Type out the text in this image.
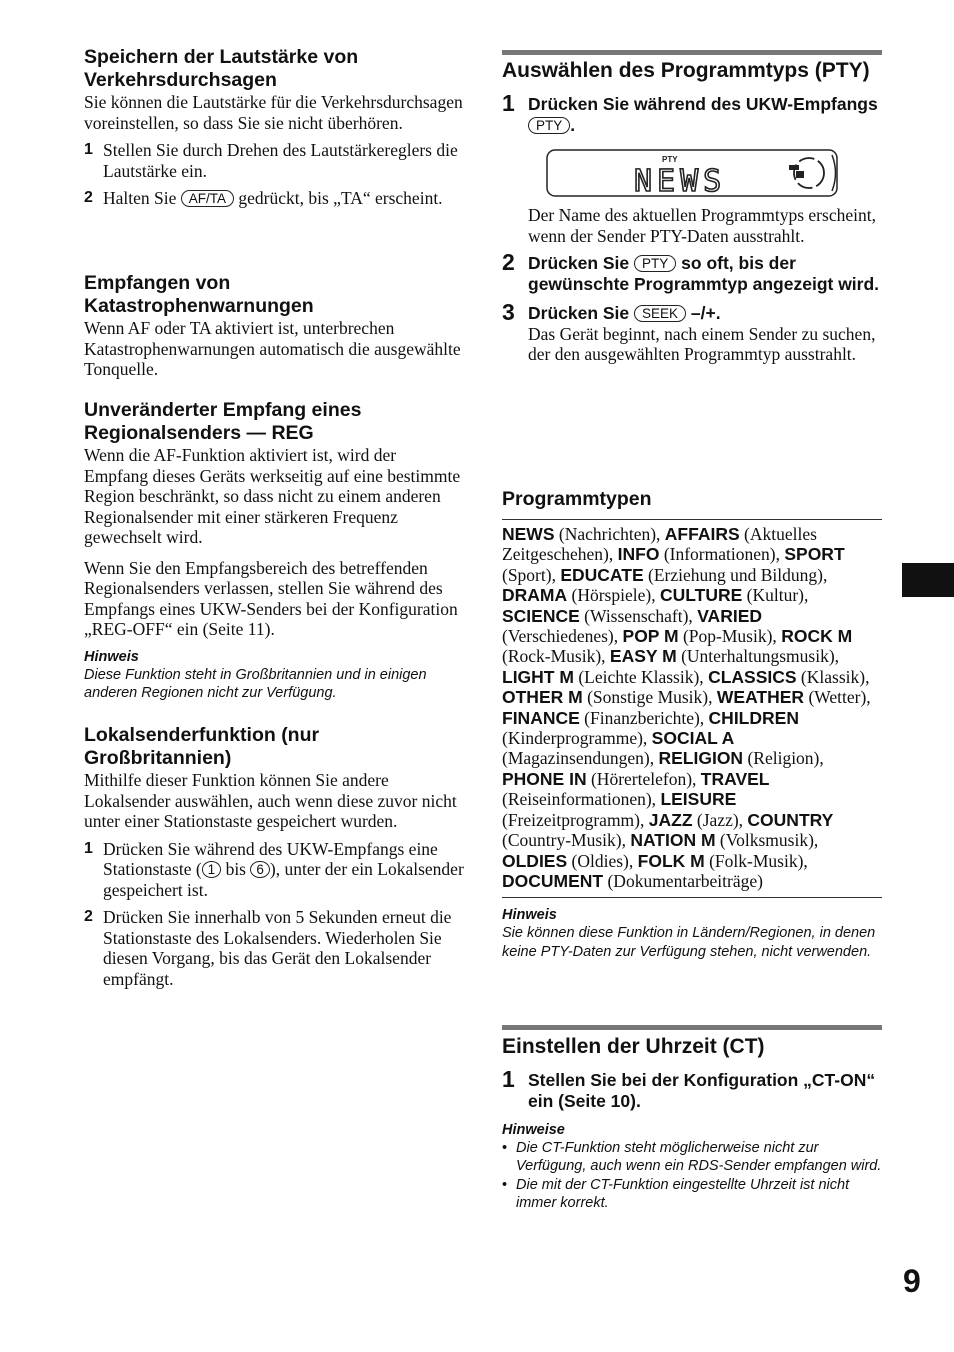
Speichern der Lautstärke von Verkehrsdurchsagen

Sie können die Lautstärke für die Verkehrsdurchsagen voreinstellen, so dass Sie sie nicht überhören.

1 Stellen Sie durch Drehen des Lautstärkereglers die Lautstärke ein.
2 Halten Sie AF/TA gedrückt, bis „TA“ erscheint.
Empfangen von Katastrophenwarnungen

Wenn AF oder TA aktiviert ist, unterbrechen Katastrophenwarnungen automatisch die ausgewählte Tonquelle.

Unveränderter Empfang eines Regionalsenders — REG

Wenn die AF-Funktion aktiviert ist, wird der Empfang dieses Geräts werkseitig auf eine bestimmte Region beschränkt, so dass nicht zu einem anderen Regionalsender mit einer stärkeren Frequenz gewechselt wird.

Wenn Sie den Empfangsbereich des betreffenden Regionalsenders verlassen, stellen Sie während des Empfangs eines UKW-Senders bei der Konfiguration „REG-OFF“ ein (Seite 11).

Hinweis
Diese Funktion steht in Großbritannien und in einigen anderen Regionen nicht zur Verfügung.
Lokalsenderfunktion (nur Großbritannien)

Mithilfe dieser Funktion können Sie andere Lokalsender auswählen, auch wenn diese zuvor nicht unter einer Stationstaste gespeichert wurden.

1 Drücken Sie während des UKW-Empfangs eine Stationstaste ( 1 bis 6 ), unter der ein Lokalsender gespeichert ist.
2 Drücken Sie innerhalb von 5 Sekunden erneut die Stationstaste des Lokalsenders. Wiederholen Sie diesen Vorgang, bis das Gerät den Lokalsender empfängt.
Auswählen des Programmtyps (PTY)
1 Drücken Sie während des UKW-Empfangs PTY .
PTY
NEWS
Der Name des aktuellen Programmtyps erscheint, wenn der Sender PTY-Daten ausstrahlt.
2 Drücken Sie PTY so oft, bis der gewünschte Programmtyp angezeigt wird.
3 Drücken Sie SEEK –/+.
Das Gerät beginnt, nach einem Sender zu suchen, der den ausgewählten Programmtyp ausstrahlt.
Programmtypen
NEWS (Nachrichten), AFFAIRS (Aktuelles Zeitgeschehen), INFO (Informationen), SPORT (Sport), EDUCATE (Erziehung und Bildung), DRAMA (Hörspiele), CULTURE (Kultur), SCIENCE (Wissenschaft), VARIED (Verschiedenes), POP M (Pop-Musik), ROCK M (Rock-Musik), EASY M (Unterhaltungsmusik), LIGHT M (Leichte Klassik), CLASSICS (Klassik), OTHER M (Sonstige Musik), WEATHER (Wetter), FINANCE (Finanzberichte), CHILDREN (Kinderprogramme), SOCIAL A (Magazinsendungen), RELIGION (Religion), PHONE IN (Hörertelefon), TRAVEL (Reiseinformationen), LEISURE (Freizeitprogramm), JAZZ (Jazz), COUNTRY (Country-Musik), NATION M (Volksmusik), OLDIES (Oldies), FOLK M (Folk-Musik), DOCUMENT (Dokumentarbeiträge)
Hinweis
Sie können diese Funktion in Ländern/Regionen, in denen keine PTY-Daten zur Verfügung stehen, nicht verwenden.
Einstellen der Uhrzeit (CT)
1 Stellen Sie bei der Konfiguration „CT-ON“ ein (Seite 10).
Hinweise
• Die CT-Funktion steht möglicherweise nicht zur Verfügung, auch wenn ein RDS-Sender empfangen wird.
• Die mit der CT-Funktion eingestellte Uhrzeit ist nicht immer korrekt.
9
